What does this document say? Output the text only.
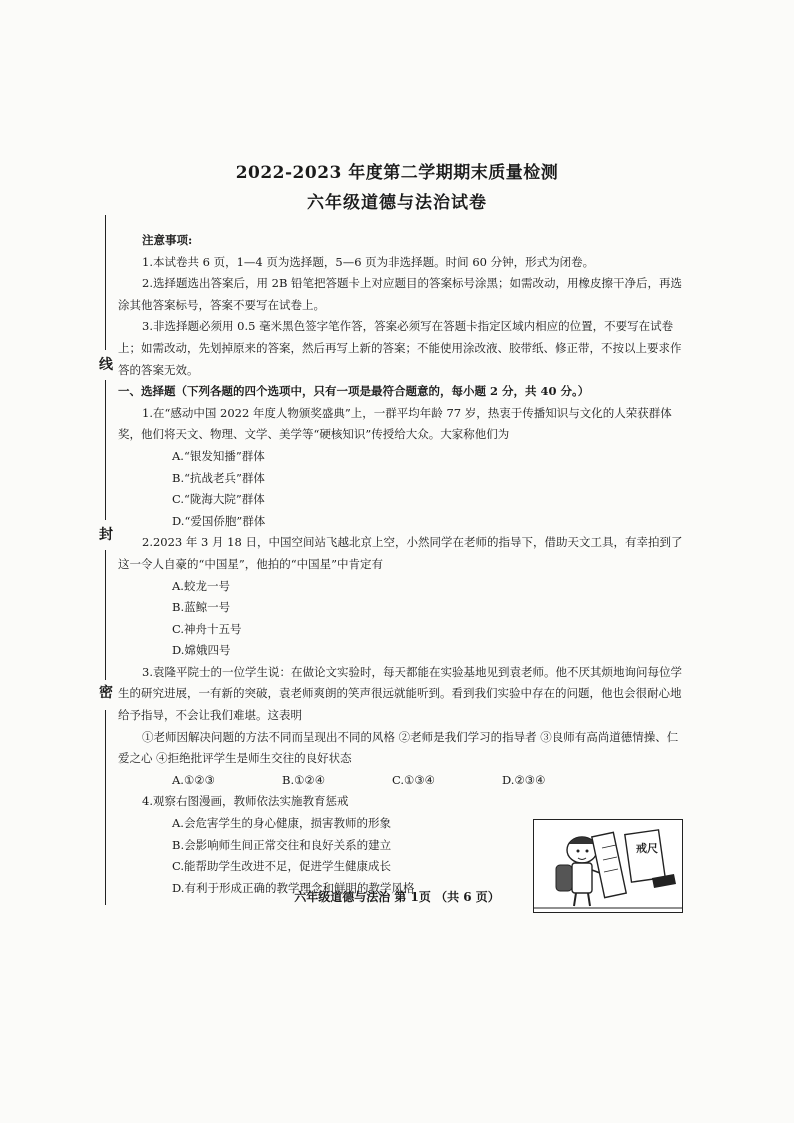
线
封
密
2022-2023 年度第二学期期末质量检测
六年级道德与法治试卷

注意事项:

1.本试卷共 6 页，1—4 页为选择题，5—6 页为非选择题。时间 60 分钟，形式为闭卷。

2.选择题选出答案后，用 2B 铅笔把答题卡上对应题目的答案标号涂黑；如需改动，用橡皮擦干净后，再选涂其他答案标号，答案不要写在试卷上。

3.非选择题必须用 0.5 毫米黑色签字笔作答，答案必须写在答题卡指定区域内相应的位置，不要写在试卷上；如需改动，先划掉原来的答案，然后再写上新的答案；不能使用涂改液、胶带纸、修正带，不按以上要求作答的答案无效。

一、选择题（下列各题的四个选项中，只有一项是最符合题意的，每小题 2 分，共 40 分。）

1.在“感动中国 2022 年度人物颁奖盛典”上，一群平均年龄 77 岁，热衷于传播知识与文化的人荣获群体奖，他们将天文、物理、文学、美学等“硬核知识”传授给大众。大家称他们为

A.“银发知播”群体

B.“抗战老兵”群体

C.“陇海大院”群体

D.“爱国侨胞”群体

2.2023 年 3 月 18 日，中国空间站飞越北京上空，小然同学在老师的指导下，借助天文工具，有幸拍到了这一令人自豪的“中国星”，他拍的“中国星”中肯定有

A.蛟龙一号

B.蓝鲸一号

C.神舟十五号

D.嫦娥四号

3.袁隆平院士的一位学生说：在做论文实验时，每天都能在实验基地见到袁老师。他不厌其烦地询问每位学生的研究进展，一有新的突破，袁老师爽朗的笑声很远就能听到。看到我们实验中存在的问题，他也会很耐心地给予指导，不会让我们难堪。这表明

①老师因解决问题的方法不同而呈现出不同的风格 ②老师是我们学习的指导者 ③良师有高尚道德情操、仁爱之心 ④拒绝批评学生是师生交往的良好状态

A.①②③	B.①②④	C.①③④	D.②③④

4.观察右图漫画，教师依法实施教育惩戒

A.会危害学生的身心健康，损害教师的形象

B.会影响师生间正常交往和良好关系的建立

C.能帮助学生改进不足，促进学生健康成长

D.有利于形成正确的教学理念和鲜明的教学风格

戒尺
六年级道德与法治 第 1页 （共 6 页）
